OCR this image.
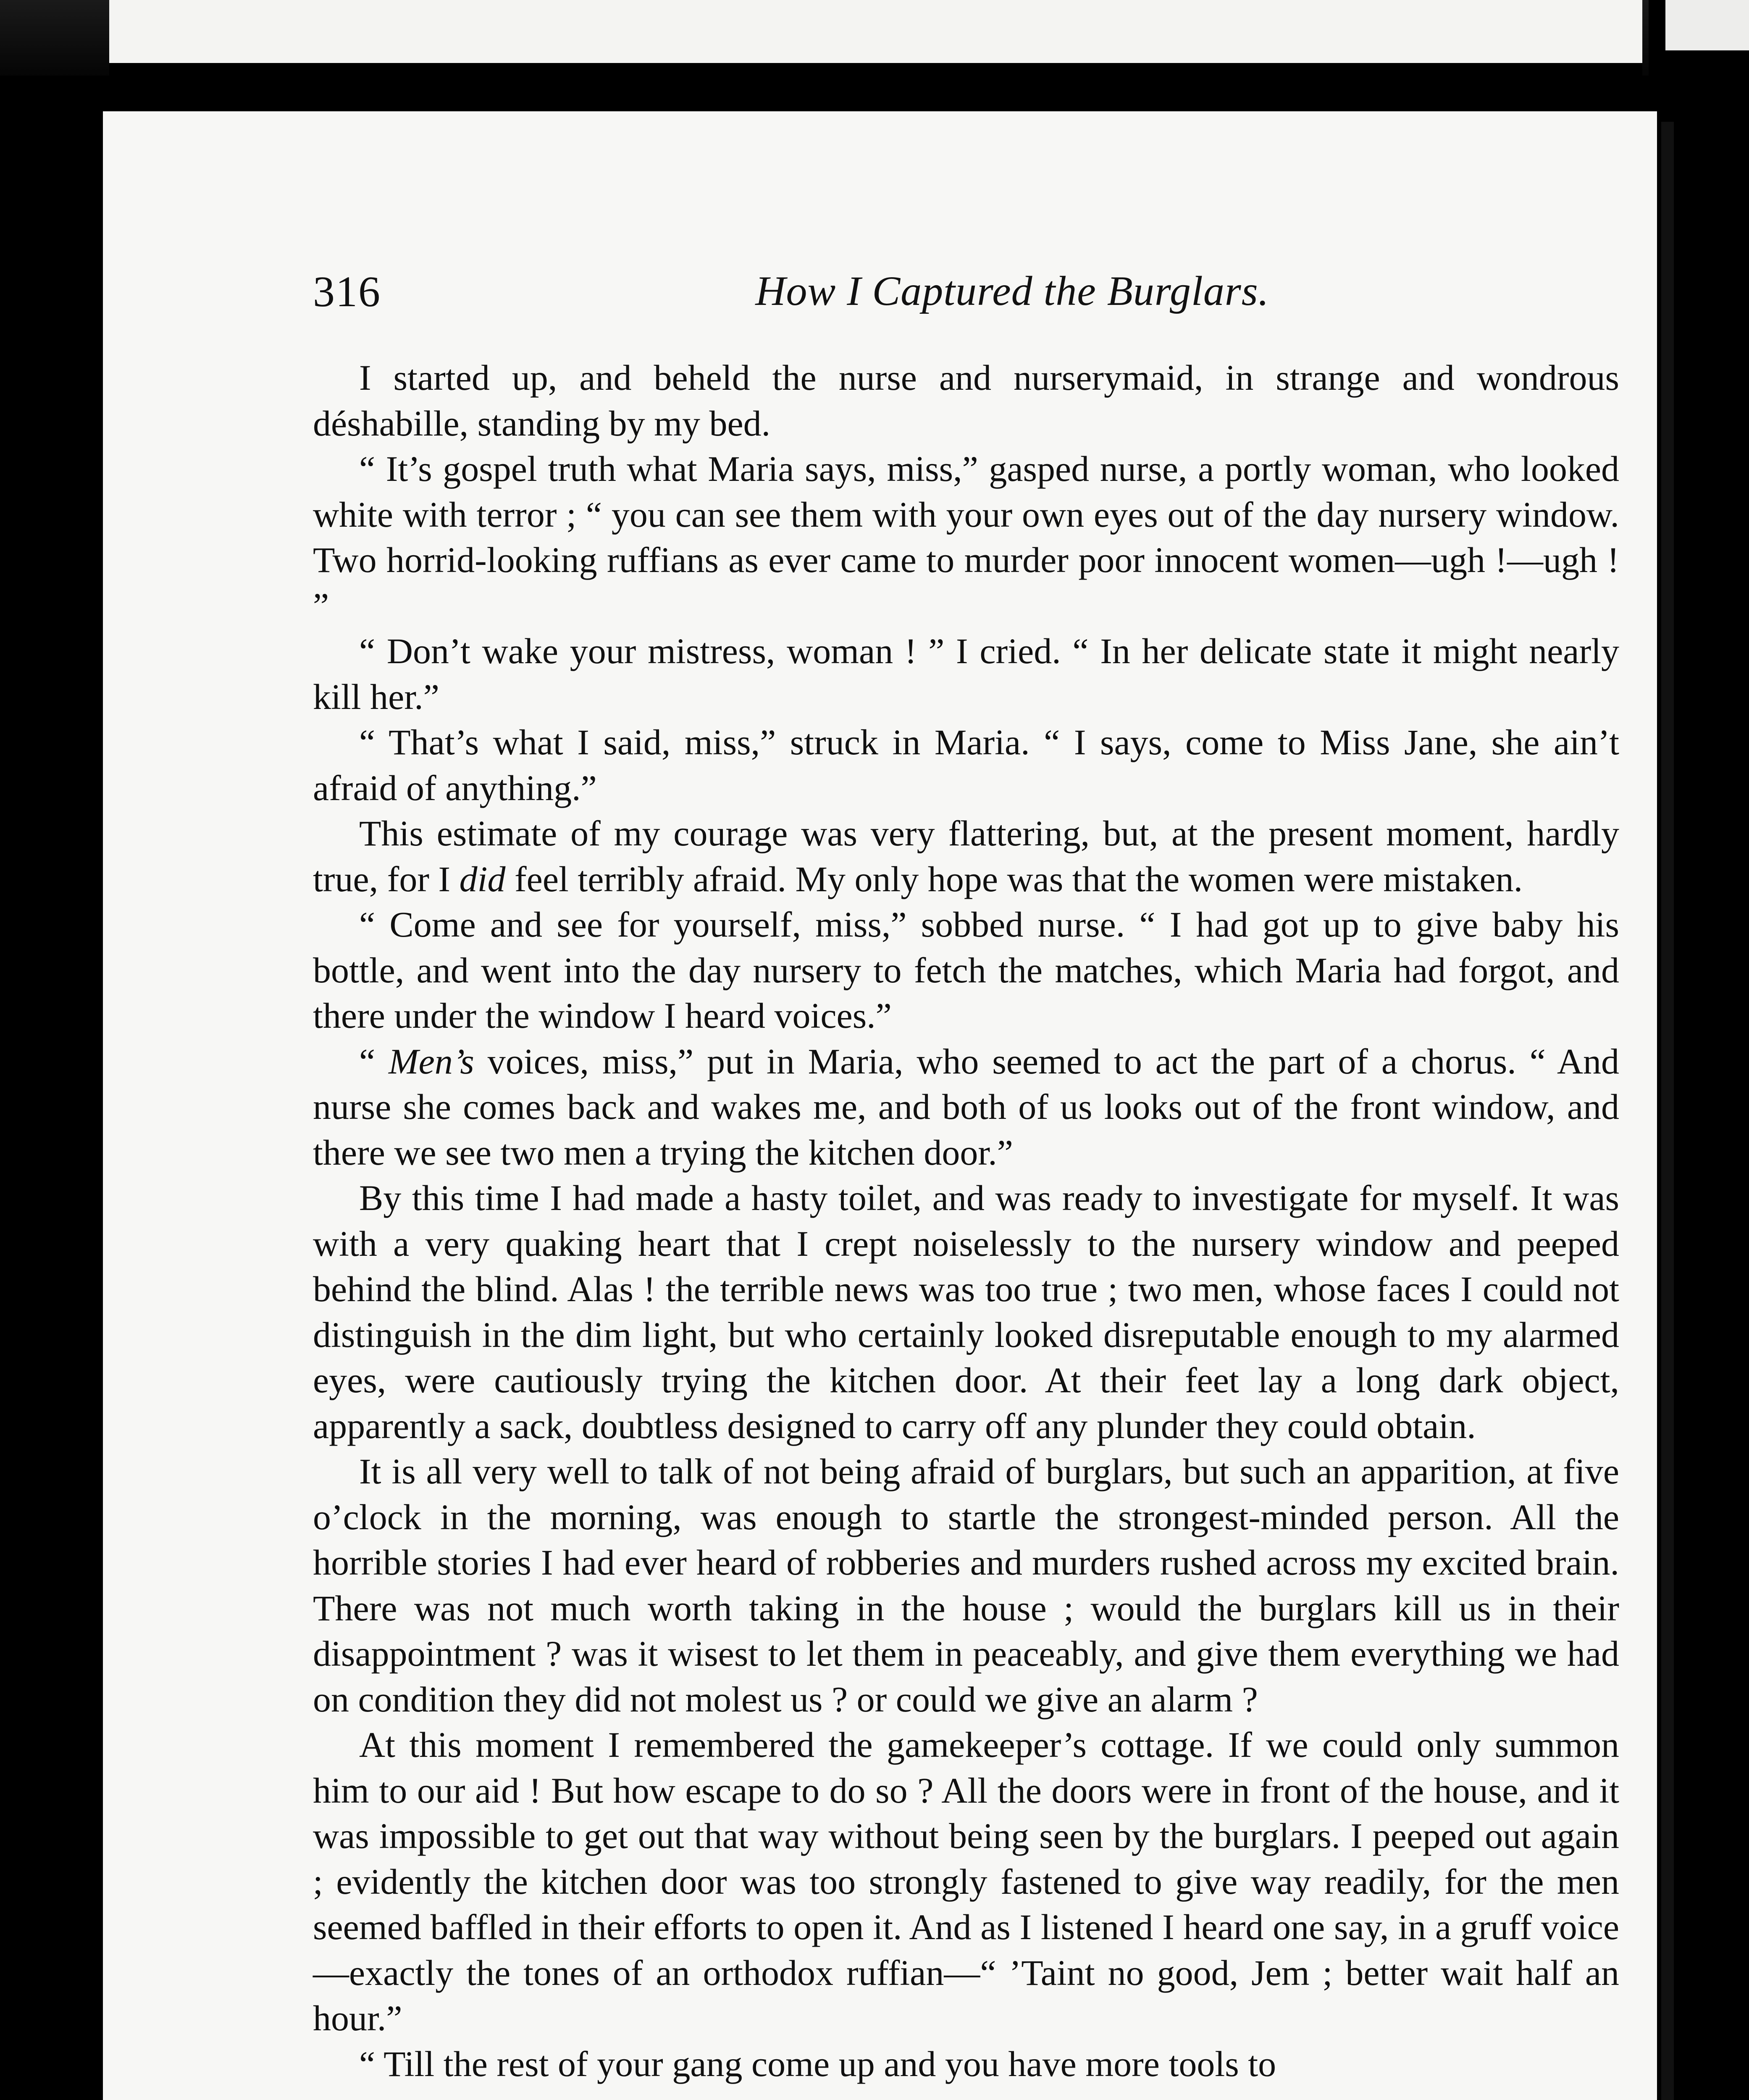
316	How I Captured the Burglars.

I started up, and beheld the nurse and nurserymaid, in strange and wondrous déshabille, standing by my bed.

“ It’s gospel truth what Maria says, miss,” gasped nurse, a portly woman, who looked white with terror ; “ you can see them with your own eyes out of the day nursery window. Two horrid-looking ruffians as ever came to murder poor innocent women—ugh !—ugh ! ”

“ Don’t wake your mistress, woman ! ” I cried. “ In her delicate state it might nearly kill her.”

“ That’s what I said, miss,” struck in Maria. “ I says, come to Miss Jane, she ain’t afraid of anything.”

This estimate of my courage was very flattering, but, at the present moment, hardly true, for I did feel terribly afraid. My only hope was that the women were mistaken.

“ Come and see for yourself, miss,” sobbed nurse. “ I had got up to give baby his bottle, and went into the day nursery to fetch the matches, which Maria had forgot, and there under the window I heard voices.”

“ Men’s voices, miss,” put in Maria, who seemed to act the part of a chorus. “ And nurse she comes back and wakes me, and both of us looks out of the front window, and there we see two men a trying the kitchen door.”

By this time I had made a hasty toilet, and was ready to investigate for myself. It was with a very quaking heart that I crept noiselessly to the nursery window and peeped behind the blind. Alas ! the terrible news was too true ; two men, whose faces I could not distinguish in the dim light, but who certainly looked disreputable enough to my alarmed eyes, were cautiously trying the kitchen door. At their feet lay a long dark object, apparently a sack, doubtless designed to carry off any plunder they could obtain.

It is all very well to talk of not being afraid of burglars, but such an apparition, at five o’clock in the morning, was enough to startle the strongest-minded person. All the horrible stories I had ever heard of robberies and murders rushed across my excited brain. There was not much worth taking in the house ; would the burglars kill us in their disappointment ? was it wisest to let them in peaceably, and give them everything we had on condition they did not molest us ? or could we give an alarm ?

At this moment I remembered the gamekeeper’s cottage. If we could only summon him to our aid ! But how escape to do so ? All the doors were in front of the house, and it was impossible to get out that way without being seen by the burglars. I peeped out again ; evidently the kitchen door was too strongly fastened to give way readily, for the men seemed baffled in their efforts to open it. And as I listened I heard one say, in a gruff voice—exactly the tones of an orthodox ruffian—“ ’Taint no good, Jem ; better wait half an hour.”

“ Till the rest of your gang come up and you have more tools to
